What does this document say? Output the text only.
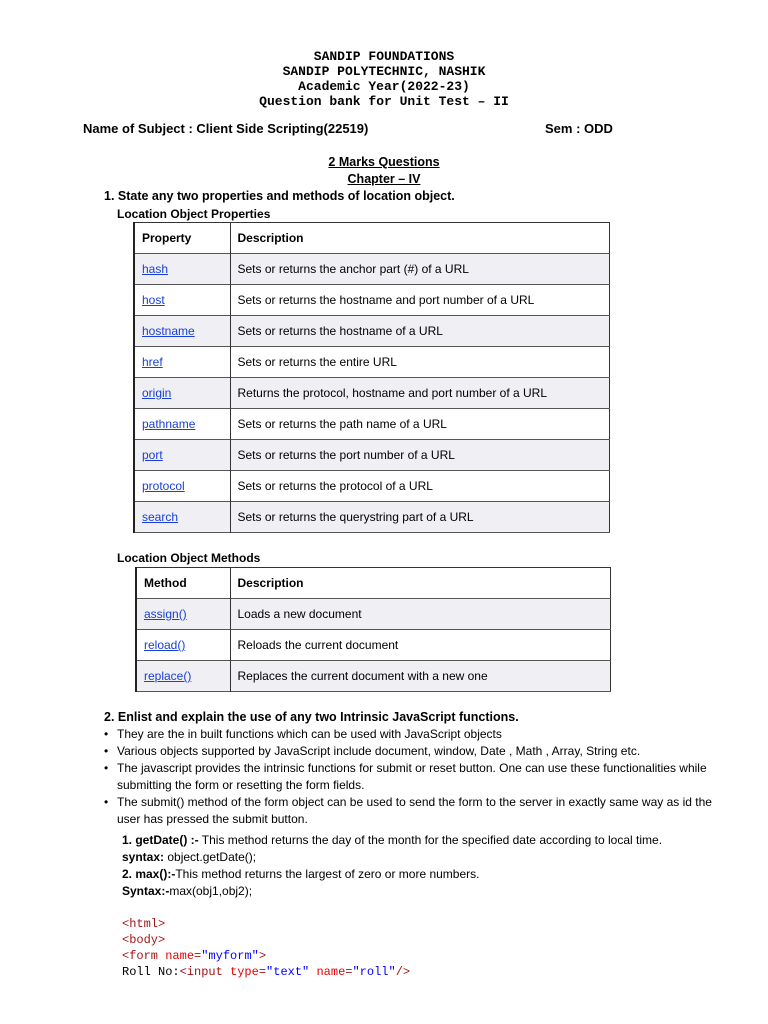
SANDIP FOUNDATIONS
SANDIP POLYTECHNIC, NASHIK
Academic Year(2022-23)
Question bank for Unit Test – II
Name of Subject : Client Side Scripting(22519)	Sem : ODD
2 Marks Questions
Chapter – IV
1. State any two properties and methods of location object.
Location Object Properties
Property	Description
hash	Sets or returns the anchor part (#) of a URL
host	Sets or returns the hostname and port number of a URL
hostname	Sets or returns the hostname of a URL
href	Sets or returns the entire URL
origin	Returns the protocol, hostname and port number of a URL
pathname	Sets or returns the path name of a URL
port	Sets or returns the port number of a URL
protocol	Sets or returns the protocol of a URL
search	Sets or returns the querystring part of a URL
Location Object Methods
Method	Description
assign()	Loads a new document
reload()	Reloads the current document
replace()	Replaces the current document with a new one
2. Enlist and explain the use of any two Intrinsic JavaScript functions.
• They are the in built functions which can be used with JavaScript objects
• Various objects supported by JavaScript include document, window, Date , Math , Array, String etc.
• The javascript provides the intrinsic functions for submit or reset button. One can use these functionalities while submitting the form or resetting the form fields.
• The submit() method of the form object can be used to send the form to the server in exactly same way as id the user has pressed the submit button.
1. getDate() :- This method returns the day of the month for the specified date according to local time.
syntax: object.getDate();
2. max():-This method returns the largest of zero or more numbers.
Syntax:-max(obj1,obj2);
<html>
<body>
<form name="myform">
Roll No:<input type="text" name="roll"/>
